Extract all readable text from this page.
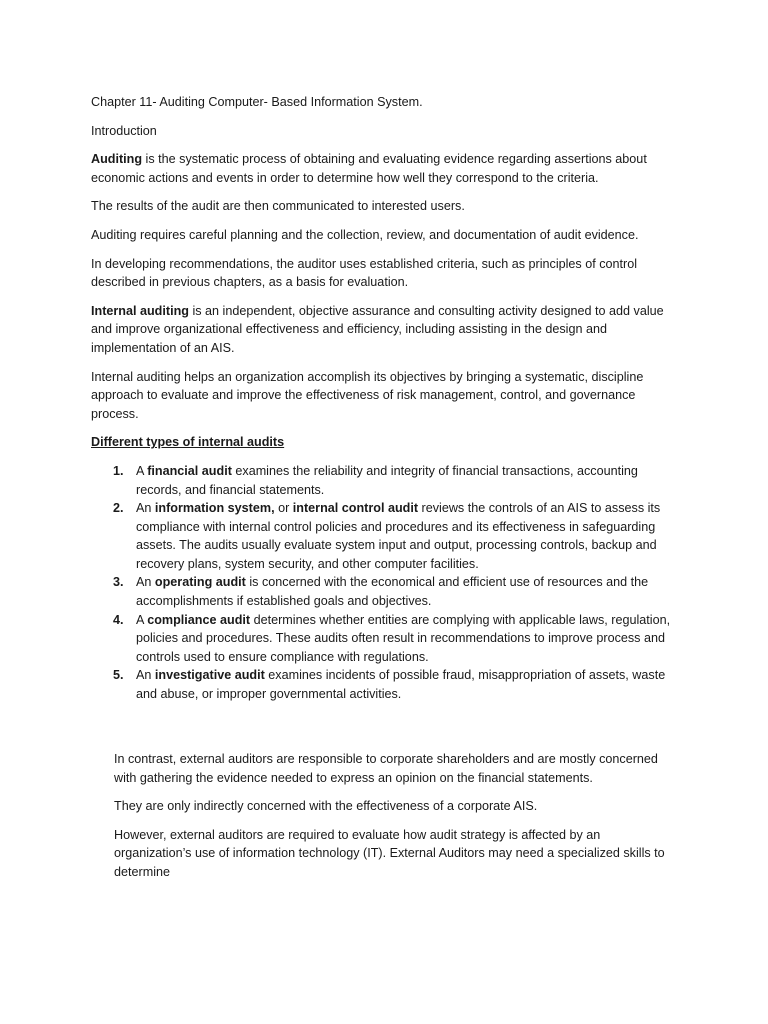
Chapter 11- Auditing Computer- Based Information System.

Introduction

Auditing is the systematic process of obtaining and evaluating evidence regarding assertions about economic actions and events in order to determine how well they correspond to the criteria.

The results of the audit are then communicated to interested users.

Auditing requires careful planning and the collection, review, and documentation of audit evidence.

In developing recommendations, the auditor uses established criteria, such as principles of control described in previous chapters, as a basis for evaluation.

Internal auditing is an independent, objective assurance and consulting activity designed to add value and improve organizational effectiveness and efficiency, including assisting in the design and implementation of an AIS.

Internal auditing helps an organization accomplish its objectives by bringing a systematic, discipline approach to evaluate and improve the effectiveness of risk management, control, and governance process.

Different types of internal audits

1. A financial audit examines the reliability and integrity of financial transactions, accounting records, and financial statements.
2. An information system, or internal control audit reviews the controls of an AIS to assess its compliance with internal control policies and procedures and its effectiveness in safeguarding assets. The audits usually evaluate system input and output, processing controls, backup and recovery plans, system security, and other computer facilities.
3. An operating audit is concerned with the economical and efficient use of resources and the accomplishments if established goals and objectives.
4. A compliance audit determines whether entities are complying with applicable laws, regulation, policies and procedures. These audits often result in recommendations to improve process and controls used to ensure compliance with regulations.
5. An investigative audit examines incidents of possible fraud, misappropriation of assets, waste and abuse, or improper governmental activities.

In contrast, external auditors are responsible to corporate shareholders and are mostly concerned with gathering the evidence needed to express an opinion on the financial statements.

They are only indirectly concerned with the effectiveness of a corporate AIS.

However, external auditors are required to evaluate how audit strategy is affected by an organization’s use of information technology (IT). External Auditors may need a specialized skills to determine
